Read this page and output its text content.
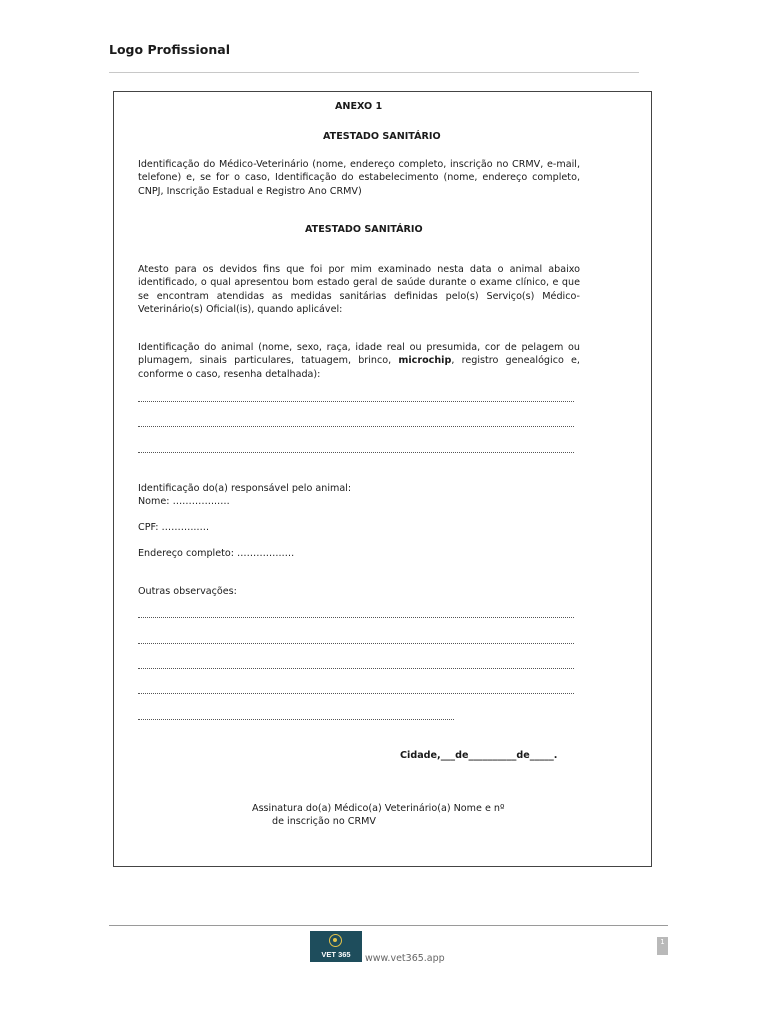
Logo Profissional
ANEXO 1
ATESTADO SANITÁRIO
Identificação do Médico-Veterinário (nome, endereço completo, inscrição no CRMV, e-mail, telefone) e, se for o caso, Identificação do estabelecimento (nome, endereço completo, CNPJ, Inscrição Estadual e Registro Ano CRMV)
ATESTADO SANITÁRIO
Atesto para os devidos fins que foi por mim examinado nesta data o animal abaixo identificado, o qual apresentou bom estado geral de saúde durante o exame clínico, e que se encontram atendidas as medidas sanitárias definidas pelo(s) Serviço(s) Médico-Veterinário(s) Oficial(is), quando aplicável:
Identificação do animal (nome, sexo, raça, idade real ou presumida, cor de pelagem ou plumagem, sinais particulares, tatuagem, brinco, microchip, registro genealógico e, conforme o caso, resenha detalhada):
Identificação do(a) responsável pelo animal:
Nome: …………..….
CPF: ………..….
Endereço completo: …………..….
Outras observações:
Cidade,___de__________de_____.
Assinatura do(a) Médico(a) Veterinário(a) Nome e nº
de inscrição no CRMV
VET 365	www.vet365.app
1
